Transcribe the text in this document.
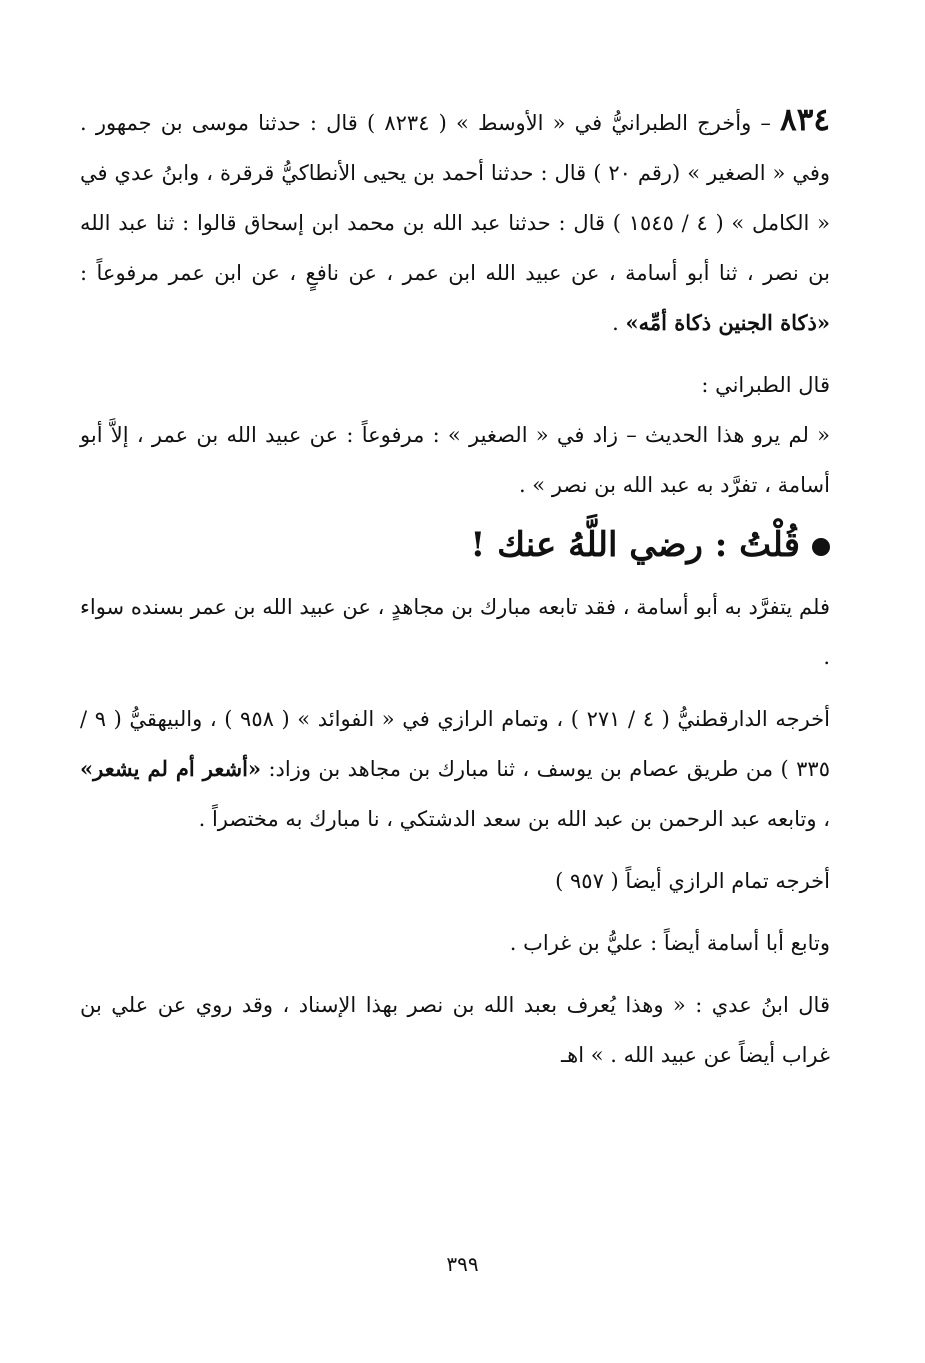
٨٣٤ – وأخرج الطبرانيُّ في « الأوسط » ( ٨٢٣٤ ) قال : حدثنا موسى بن جمهور . وفي « الصغير » (رقم ٢٠ ) قال : حدثنا أحمد بن يحيى الأنطاكيُّ قرقرة ، وابنُ عدي في « الكامل » ( ٤ / ١٥٤٥ ) قال : حدثنا عبد الله بن محمد ابن إسحاق قالوا : ثنا عبد الله بن نصر ، ثنا أبو أسامة ، عن عبيد الله ابن عمر ، عن نافعٍ ، عن ابن عمر مرفوعاً : «ذكاة الجنين ذكاة أمِّه» .

قال الطبراني :

« لم يرو هذا الحديث – زاد في « الصغير » : مرفوعاً : عن عبيد الله بن عمر ، إلاَّ أبو أسامة ، تفرَّد به عبد الله بن نصر » .

قُلْتُ : رضي اللَّهُ عنك !

فلم يتفرَّد به أبو أسامة ، فقد تابعه مبارك بن مجاهدٍ ، عن عبيد الله بن عمر بسنده سواء .

أخرجه الدارقطنيُّ ( ٤ / ٢٧١ ) ، وتمام الرازي في « الفوائد » ( ٩٥٨ ) ، والبيهقيُّ ( ٩ / ٣٣٥ ) من طريق عصام بن يوسف ، ثنا مبارك بن مجاهد بن وزاد: «أشعر أم لم يشعر» ، وتابعه عبد الرحمن بن عبد الله بن سعد الدشتكي ، نا مبارك به مختصراً .

أخرجه تمام الرازي أيضاً ( ٩٥٧ )

وتابع أبا أسامة أيضاً : عليُّ بن غراب .

قال ابنُ عدي : « وهذا يُعرف بعبد الله بن نصر بهذا الإسناد ، وقد روي عن علي بن غراب أيضاً عن عبيد الله . » اهـ

٣٩٩
